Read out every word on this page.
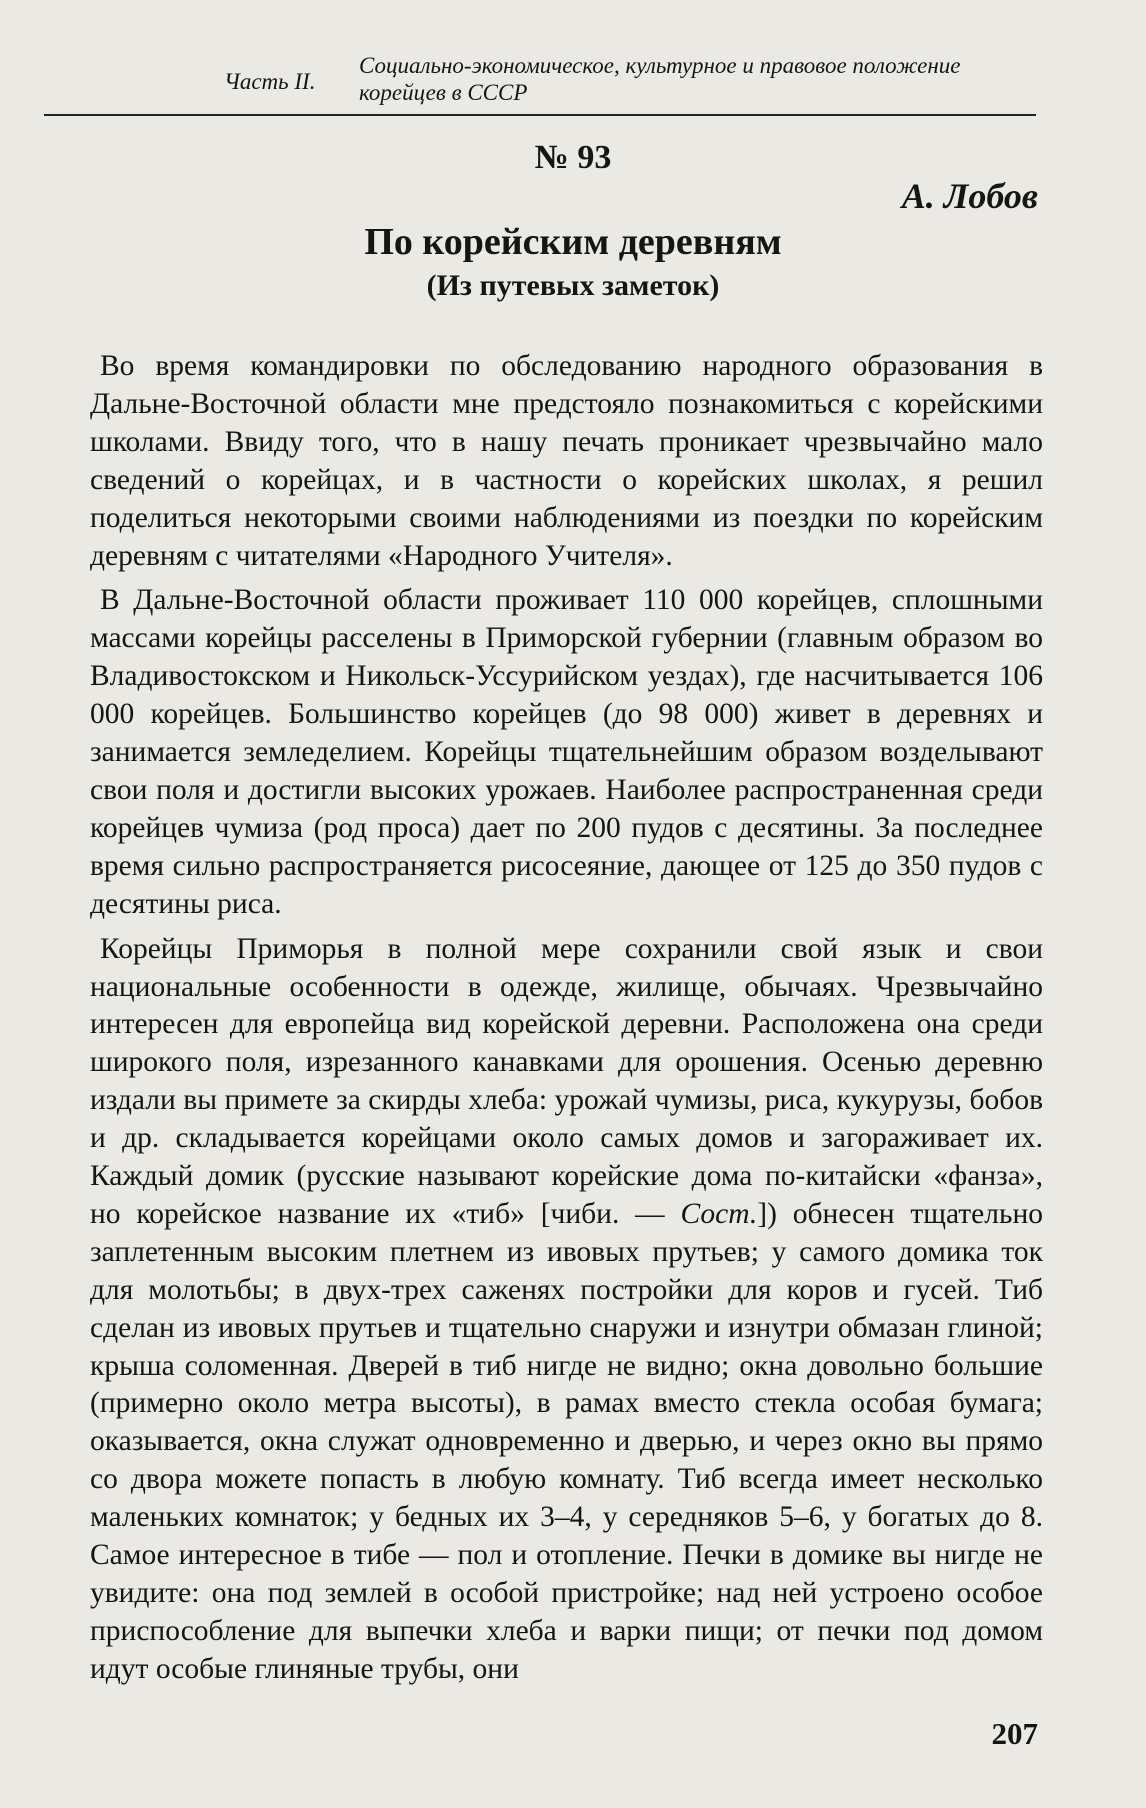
Часть II.
Социально-экономическое, культурное и правовое положение
корейцев в СССР
№ 93
А. Лобов
По корейским деревням
(Из путевых заметок)

Во время командировки по обследованию народного образования в Дальне-Восточной области мне предстояло познакомиться с корейскими школами. Ввиду того, что в нашу печать проникает чрезвычайно мало сведений о корейцах, и в частности о корейских школах, я решил поделиться некоторыми своими наблюдениями из поездки по корейским деревням с читателями «Народного Учителя».

В Дальне-Восточной области проживает 110 000 корейцев, сплошными массами корейцы расселены в Приморской губернии (главным образом во Владивостокском и Никольск-Уссурийском уездах), где насчитывается 106 000 корейцев. Большинство корейцев (до 98 000) живет в деревнях и занимается земледелием. Корейцы тщательнейшим образом возделывают свои поля и достигли высоких урожаев. Наиболее распространенная среди корейцев чумиза (род проса) дает по 200 пудов с десятины. За последнее время сильно распространяется рисосеяние, дающее от 125 до 350 пудов с десятины риса.

Корейцы Приморья в полной мере сохранили свой язык и свои национальные особенности в одежде, жилище, обычаях. Чрезвычайно интересен для европейца вид корейской деревни. Расположена она среди широкого поля, изрезанного канавками для орошения. Осенью деревню издали вы примете за скирды хлеба: урожай чумизы, риса, кукурузы, бобов и др. складывается корейцами около самых домов и загораживает их. Каждый домик (русские называют корейские дома по-китайски «фанза», но корейское название их «тиб» [чиби. — Сост.]) обнесен тщательно заплетенным высоким плетнем из ивовых прутьев; у самого домика ток для молотьбы; в двух-трех саженях постройки для коров и гусей. Тиб сделан из ивовых прутьев и тщательно снаружи и изнутри обмазан глиной; крыша соломенная. Дверей в тиб нигде не видно; окна довольно большие (примерно около метра высоты), в рамах вместо стекла особая бумага; оказывается, окна служат одновременно и дверью, и через окно вы прямо со двора можете попасть в любую комнату. Тиб всегда имеет несколько маленьких комнаток; у бедных их 3–4, у середняков 5–6, у богатых до 8. Самое интересное в тибе — пол и отопление. Печки в домике вы нигде не увидите: она под землей в особой пристройке; над ней устроено особое приспособление для выпечки хлеба и варки пищи; от печки под домом идут особые глиняные трубы, они

207
